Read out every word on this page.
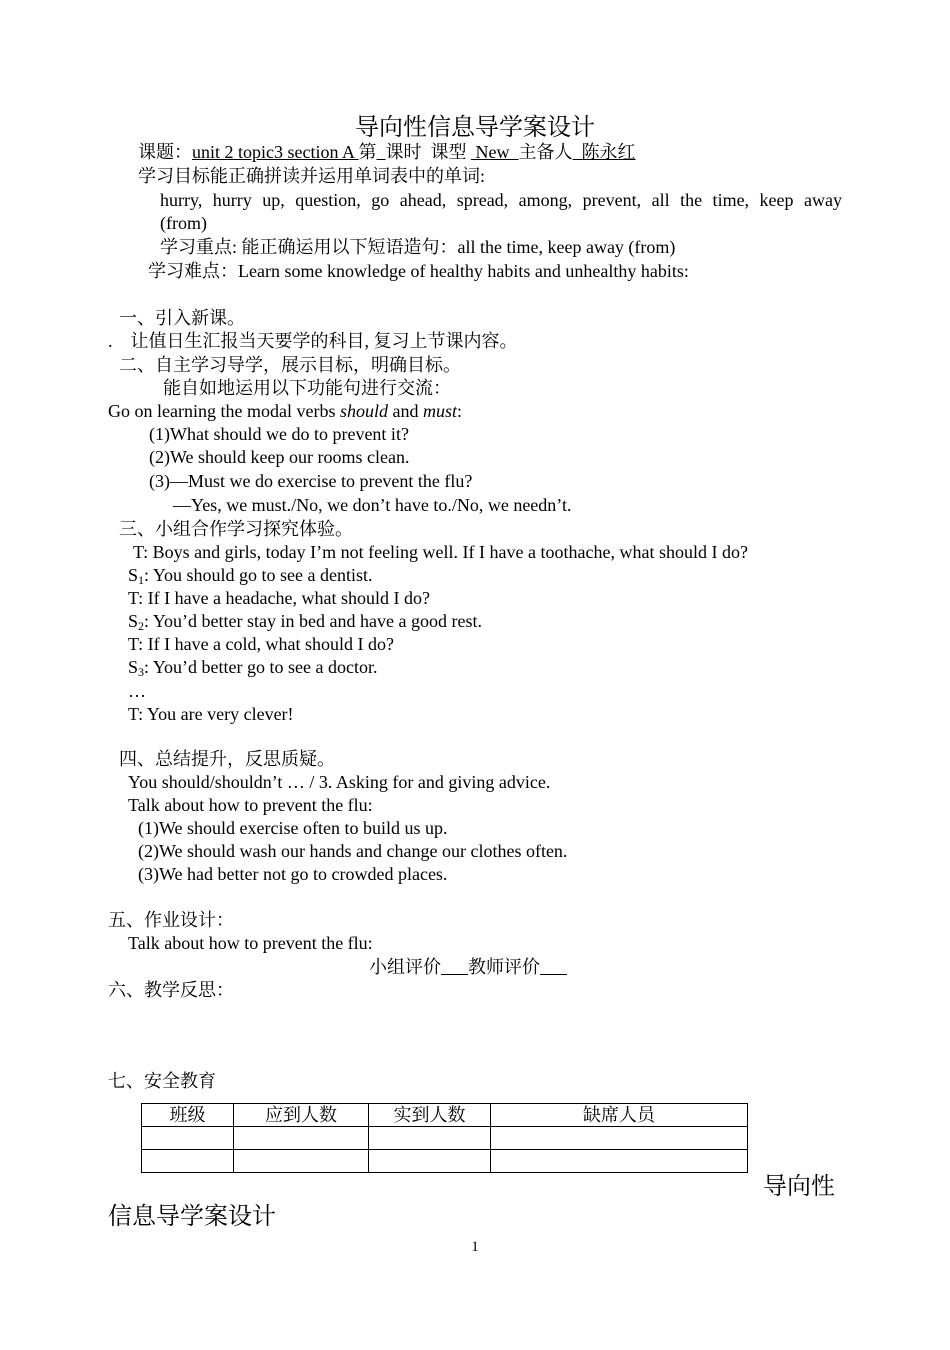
导向性信息导学案设计
课题：unit 2 topic3 section A 第 课时  课型  New  主备人  陈永红
学习目标能正确拼读并运用单词表中的单词:
hurry, hurry up, question, go ahead, spread, among, prevent, all the time, keep away
(from)
学习重点: 能正确运用以下短语造句：all the time, keep away (from)
学习难点：Learn some knowledge of healthy habits and unhealthy habits:
一、引入新课。
.    让值日生汇报当天要学的科目, 复习上节课内容。
二、自主学习导学，展示目标，明确目标。
能自如地运用以下功能句进行交流：
Go on learning the modal verbs should and must:
(1)What should we do to prevent it?
(2)We should keep our rooms clean.
(3)—Must we do exercise to prevent the flu?
—Yes, we must./No, we don’t have to./No, we needn’t.
三、小组合作学习探究体验。
T: Boys and girls, today I’m not feeling well. If I have a toothache, what should I do?
$S_1$: You should go to see a dentist.
T: If I have a headache, what should I do?
$S_2$: You’d better stay in bed and have a good rest.
T: If I have a cold, what should I do?
$S_3$: You’d better go to see a doctor.
…
T: You are very clever!
四、总结提升，反思质疑。
You should/shouldn’t … / 3. Asking for and giving advice.
Talk about how to prevent the flu:
(1)We should exercise often to build us up.
(2)We should wash our hands and change our clothes often.
(3)We had better not go to crowded places.
五、作业设计：
Talk about how to prevent the flu:
小组评价 教师评价
六、教学反思：
七、安全教育
班级	应到人数	实到人数	缺席人员

导向性
信息导学案设计
1
